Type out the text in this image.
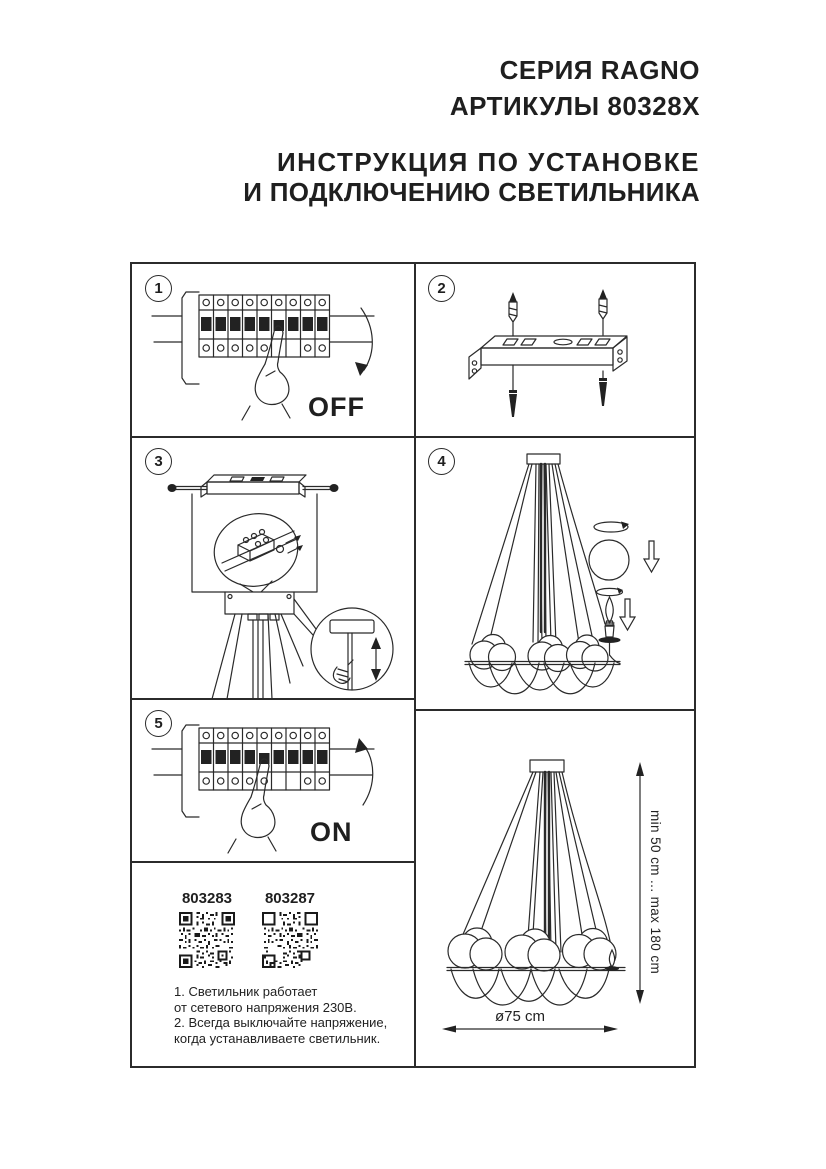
СЕРИЯ RAGNO
АРТИКУЛЫ 80328X
ИНСТРУКЦИЯ ПО УСТАНОВКЕ
И ПОДКЛЮЧЕНИЮ СВЕТИЛЬНИКА
1
OFF
2
3	4
5
ON
803283 803287
1. Светильник работает
от сетевого напряжения 230В.
2. Всегда выключайте напряжение,
когда устанавливаете светильник.
min 50 cm ... max 180 cm
ø75 cm
